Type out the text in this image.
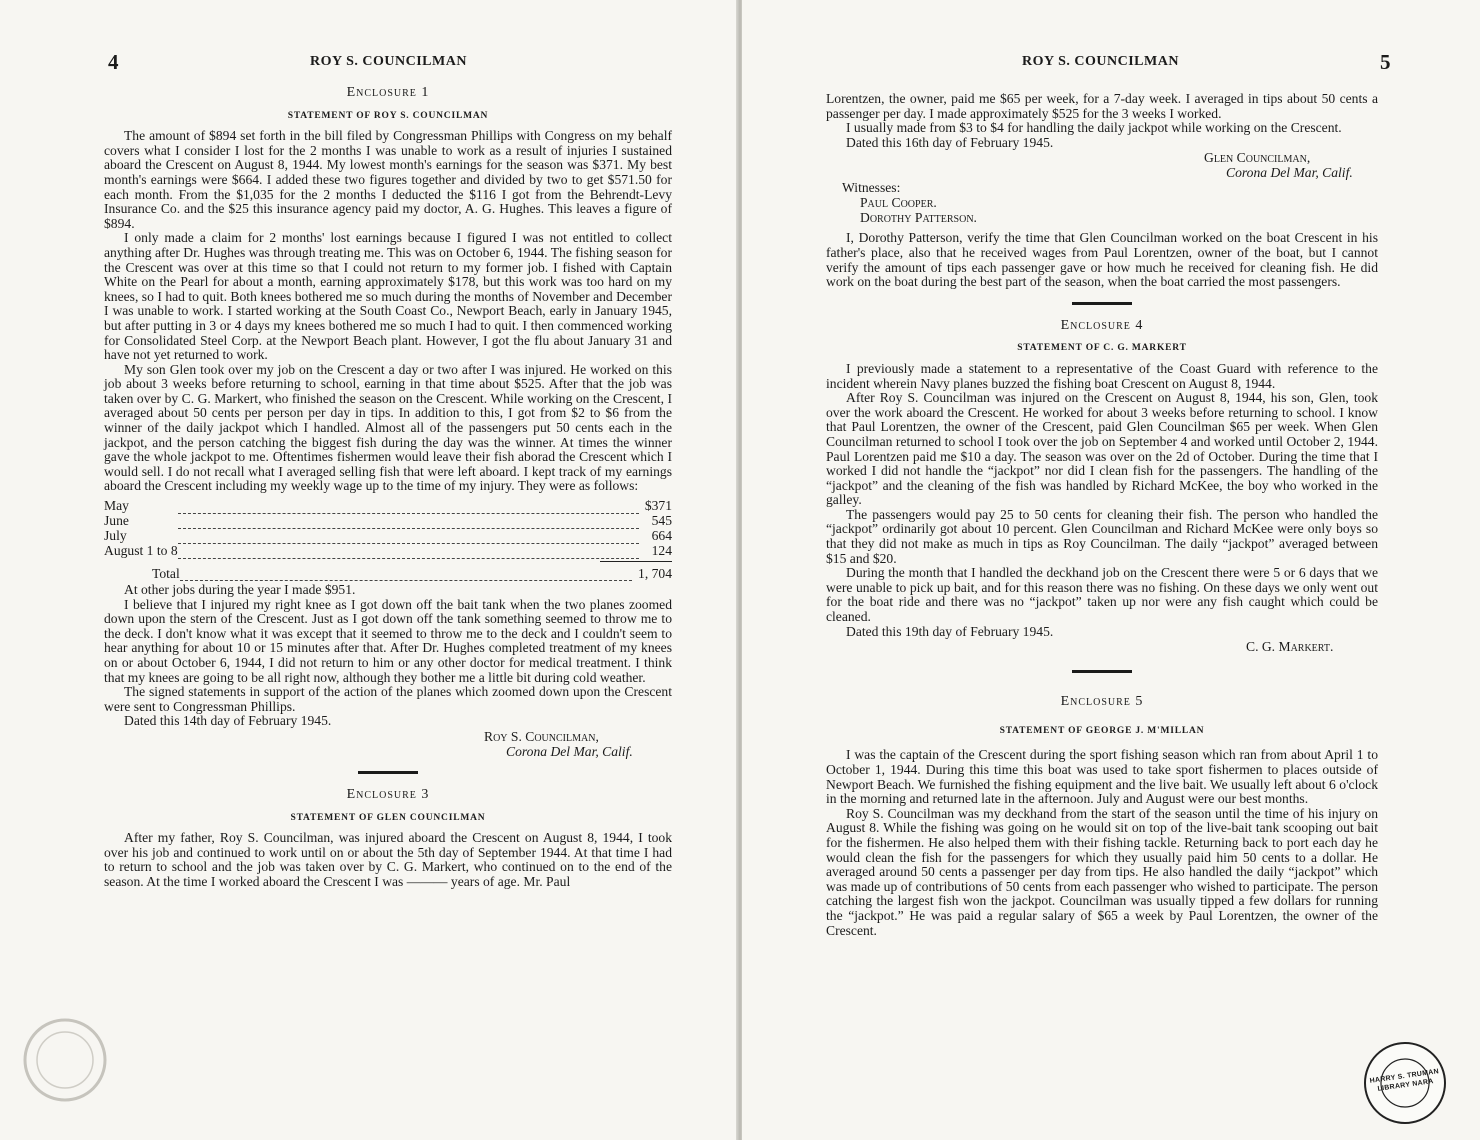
4	ROY S. COUNCILMAN
Enclosure 1
STATEMENT OF ROY S. COUNCILMAN

The amount of $894 set forth in the bill filed by Congressman Phillips with Congress on my behalf covers what I consider I lost for the 2 months I was unable to work as a result of injuries I sustained aboard the Crescent on August 8, 1944. My lowest month's earnings for the season was $371. My best month's earnings were $664. I added these two figures together and divided by two to get $571.50 for each month. From the $1,035 for the 2 months I deducted the $116 I got from the Behrendt-Levy Insurance Co. and the $25 this insurance agency paid my doctor, A. G. Hughes. This leaves a figure of $894.

I only made a claim for 2 months' lost earnings because I figured I was not entitled to collect anything after Dr. Hughes was through treating me. This was on October 6, 1944. The fishing season for the Crescent was over at this time so that I could not return to my former job. I fished with Captain White on the Pearl for about a month, earning approximately $178, but this work was too hard on my knees, so I had to quit. Both knees bothered me so much during the months of November and December I was unable to work. I started working at the South Coast Co., Newport Beach, early in January 1945, but after putting in 3 or 4 days my knees bothered me so much I had to quit. I then commenced working for Consolidated Steel Corp. at the Newport Beach plant. However, I got the flu about January 31 and have not yet returned to work.

My son Glen took over my job on the Crescent a day or two after I was injured. He worked on this job about 3 weeks before returning to school, earning in that time about $525. After that the job was taken over by C. G. Markert, who finished the season on the Crescent. While working on the Crescent, I averaged about 50 cents per person per day in tips. In addition to this, I got from $2 to $6 from the winner of the daily jackpot which I handled. Almost all of the passengers put 50 cents each in the jackpot, and the person catching the biggest fish during the day was the winner. At times the winner gave the whole jackpot to me. Oftentimes fishermen would leave their fish aborad the Crescent which I would sell. I do not recall what I averaged selling fish that were left aboard. I kept track of my earnings aboard the Crescent including my weekly wage up to the time of my injury. They were as follows:

May		$371
June		545
July		664
August 1 to 8		124
Total		1, 704

At other jobs during the year I made $951.

I believe that I injured my right knee as I got down off the bait tank when the two planes zoomed down upon the stern of the Crescent. Just as I got down off the tank something seemed to throw me to the deck. I don't know what it was except that it seemed to throw me to the deck and I couldn't seem to hear anything for about 10 or 15 minutes after that. After Dr. Hughes completed treatment of my knees on or about October 6, 1944, I did not return to him or any other doctor for medical treatment. I think that my knees are going to be all right now, although they bother me a little bit during cold weather.

The signed statements in support of the action of the planes which zoomed down upon the Crescent were sent to Congressman Phillips.

Dated this 14th day of February 1945.

Roy S. Councilman,
Corona Del Mar, Calif.
Enclosure 3
STATEMENT OF GLEN COUNCILMAN

After my father, Roy S. Councilman, was injured aboard the Crescent on August 8, 1944, I took over his job and continued to work until on or about the 5th day of September 1944. At that time I had to return to school and the job was taken over by C. G. Markert, who continued on to the end of the season. At the time I worked aboard the Crescent I was ——— years of age. Mr. Paul

ROY S. COUNCILMAN	5

Lorentzen, the owner, paid me $65 per week, for a 7-day week. I averaged in tips about 50 cents a passenger per day. I made approximately $525 for the 3 weeks I worked.

I usually made from $3 to $4 for handling the daily jackpot while working on the Crescent.

Dated this 16th day of February 1945.

Glen Councilman,
Corona Del Mar, Calif.
Witnesses:
Paul Cooper.
Dorothy Patterson.

I, Dorothy Patterson, verify the time that Glen Councilman worked on the boat Crescent in his father's place, also that he received wages from Paul Lorentzen, owner of the boat, but I cannot verify the amount of tips each passenger gave or how much he received for cleaning fish. He did work on the boat during the best part of the season, when the boat carried the most passengers.

Enclosure 4
STATEMENT OF C. G. MARKERT

I previously made a statement to a representative of the Coast Guard with reference to the incident wherein Navy planes buzzed the fishing boat Crescent on August 8, 1944.

After Roy S. Councilman was injured on the Crescent on August 8, 1944, his son, Glen, took over the work aboard the Crescent. He worked for about 3 weeks before returning to school. I know that Paul Lorentzen, the owner of the Crescent, paid Glen Councilman $65 per week. When Glen Councilman returned to school I took over the job on September 4 and worked until October 2, 1944. Paul Lorentzen paid me $10 a day. The season was over on the 2d of October. During the time that I worked I did not handle the “jackpot” nor did I clean fish for the passengers. The handling of the “jackpot” and the cleaning of the fish was handled by Richard McKee, the boy who worked in the galley.

The passengers would pay 25 to 50 cents for cleaning their fish. The person who handled the “jackpot” ordinarily got about 10 percent. Glen Councilman and Richard McKee were only boys so that they did not make as much in tips as Roy Councilman. The daily “jackpot” averaged between $15 and $20.

During the month that I handled the deckhand job on the Crescent there were 5 or 6 days that we were unable to pick up bait, and for this reason there was no fishing. On these days we only went out for the boat ride and there was no “jackpot” taken up nor were any fish caught which could be cleaned.

Dated this 19th day of February 1945.

C. G. Markert.
Enclosure 5
STATEMENT OF GEORGE J. M'MILLAN

I was the captain of the Crescent during the sport fishing season which ran from about April 1 to October 1, 1944. During this time this boat was used to take sport fishermen to places outside of Newport Beach. We furnished the fishing equipment and the live bait. We usually left about 6 o'clock in the morning and returned late in the afternoon. July and August were our best months.

Roy S. Councilman was my deckhand from the start of the season until the time of his injury on August 8. While the fishing was going on he would sit on top of the live-bait tank scooping out bait for the fishermen. He also helped them with their fishing tackle. Returning back to port each day he would clean the fish for the passengers for which they usually paid him 50 cents to a dollar. He averaged around 50 cents a passenger per day from tips. He also handled the daily “jackpot” which was made up of contributions of 50 cents from each passenger who wished to participate. The person catching the largest fish won the jackpot. Councilman was usually tipped a few dollars for running the “jackpot.” He was paid a regular salary of $65 a week by Paul Lorentzen, the owner of the Crescent.

HARRY S. TRUMAN LIBRARY NARA
